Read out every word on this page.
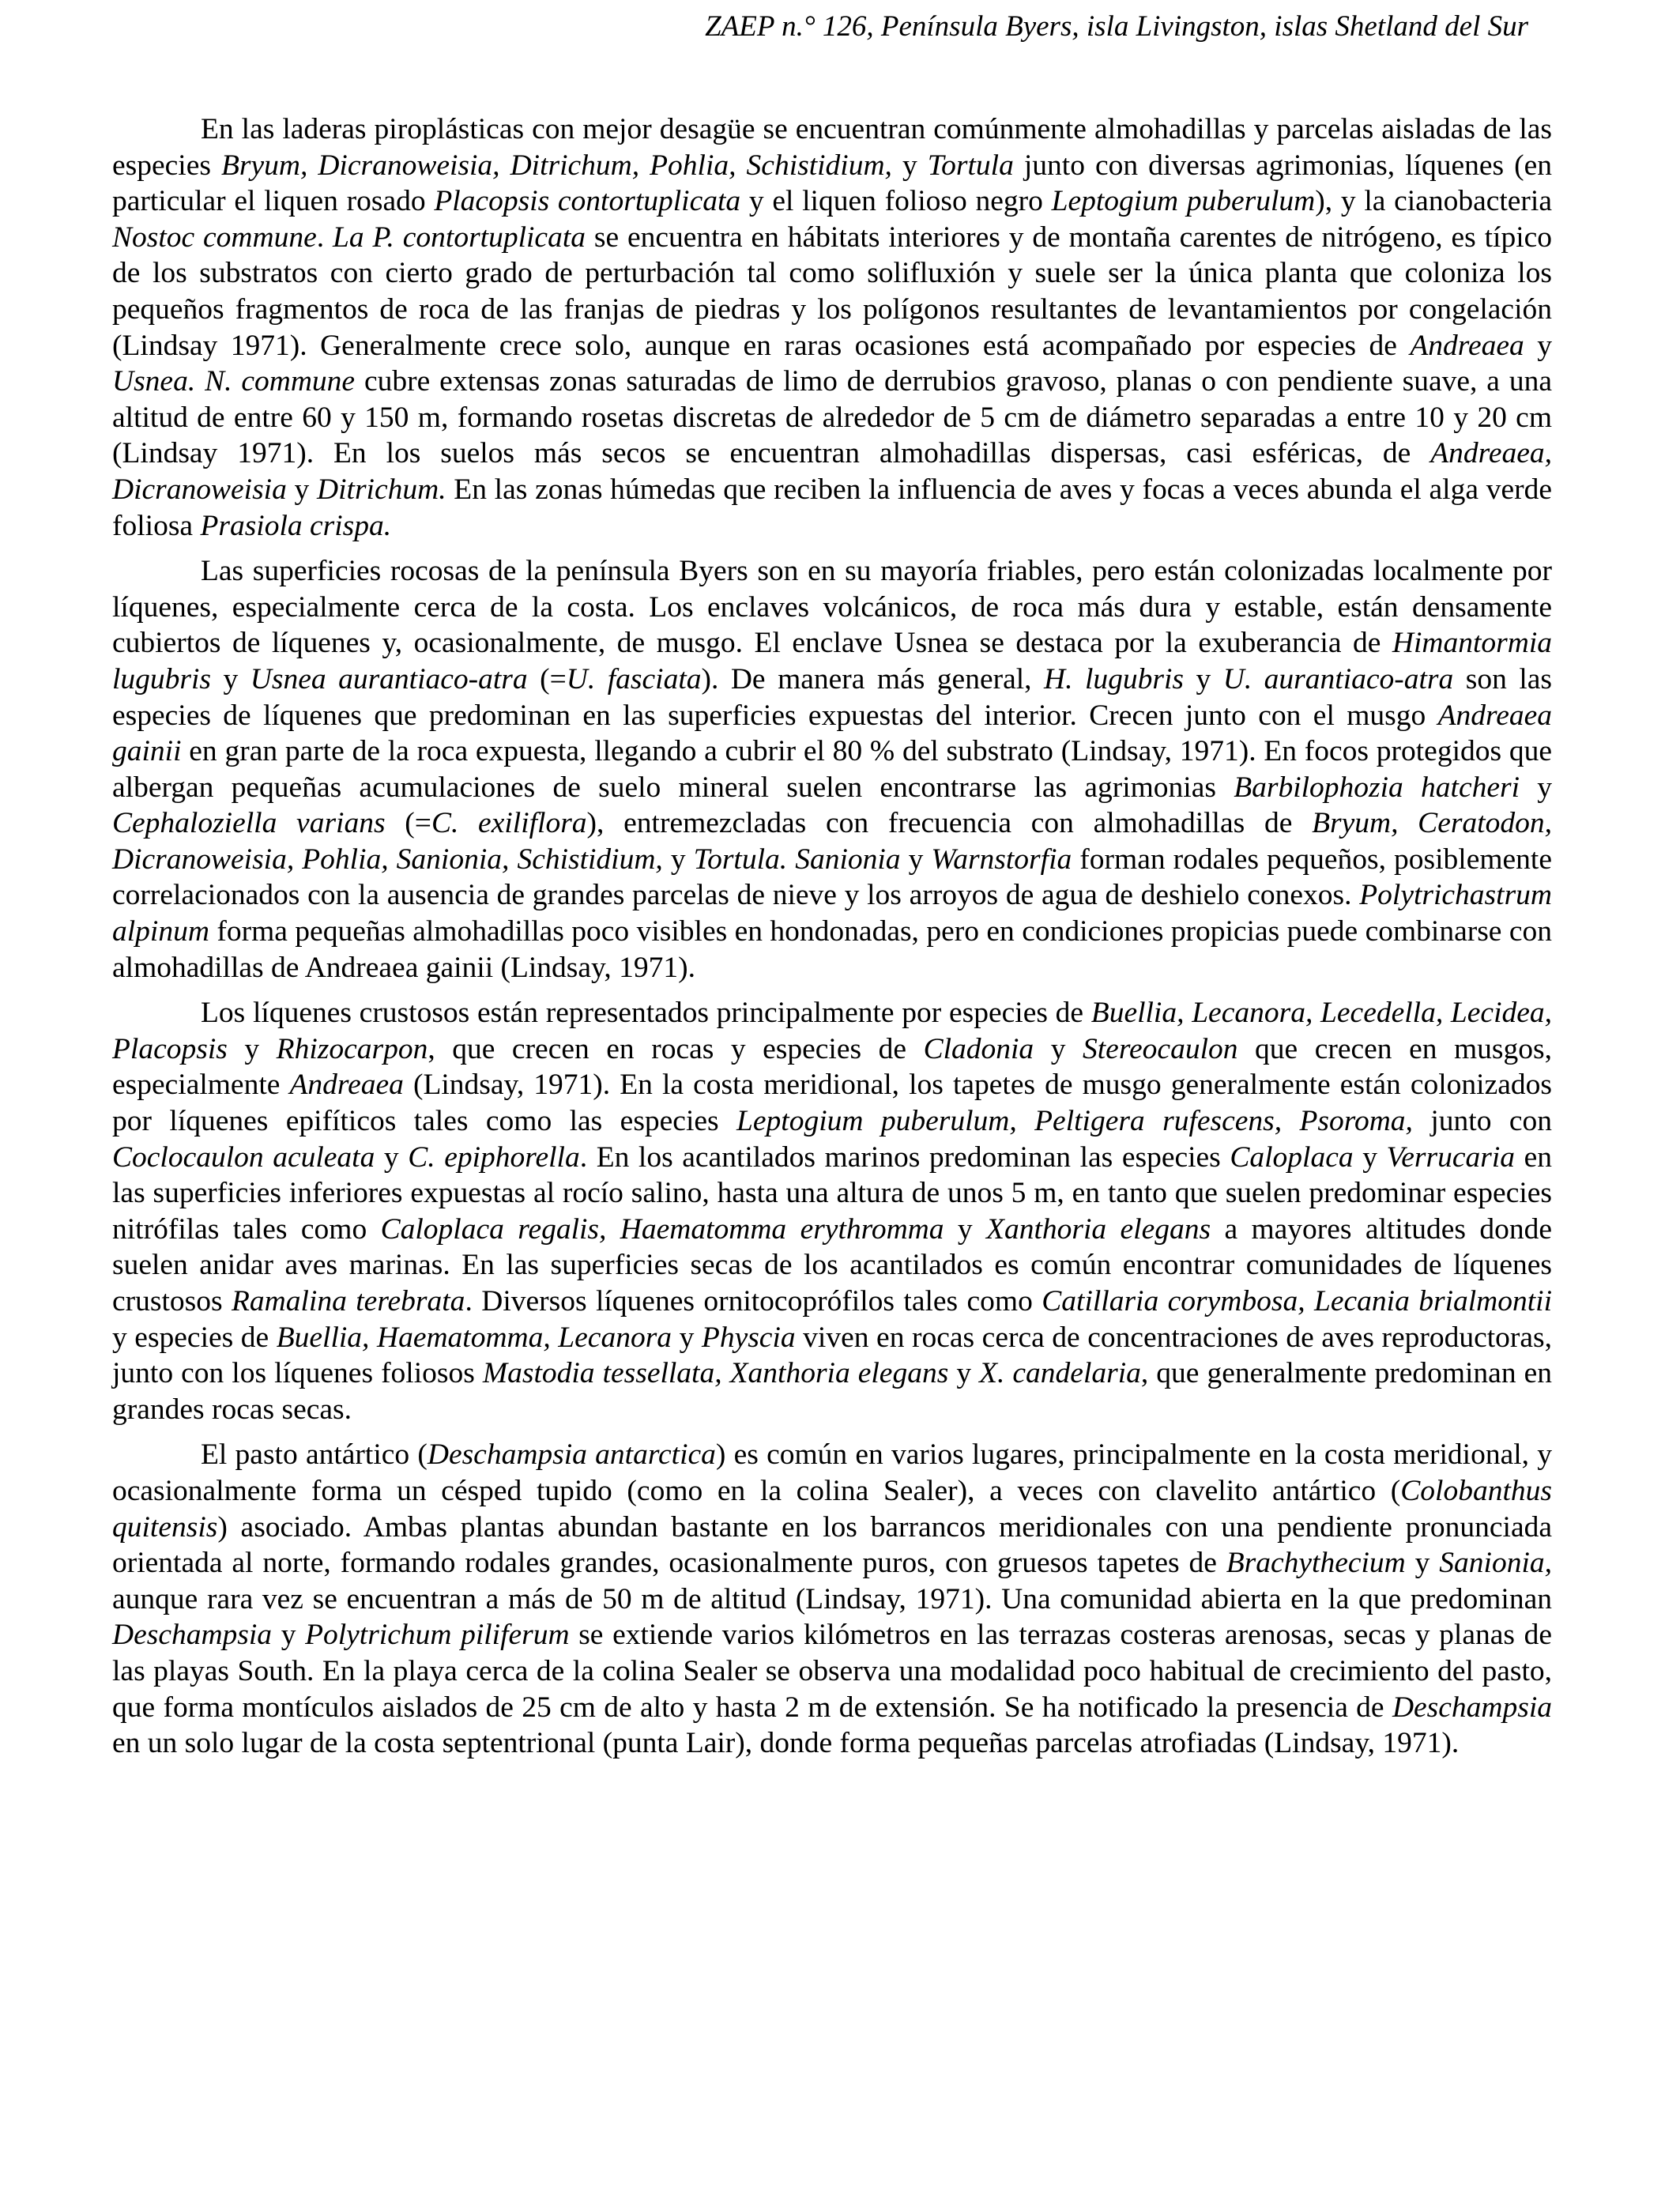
ZAEP n.° 126, Península Byers, isla Livingston, islas Shetland del Sur

En las laderas piroplásticas con mejor desagüe se encuentran comúnmente almohadillas y parcelas aisladas de las especies Bryum, Dicranoweisia, Ditrichum, Pohlia, Schistidium, y Tortula junto con diversas agrimonias, líquenes (en particular el liquen rosado Placopsis contortuplicata y el liquen folioso negro Leptogium puberulum), y la cianobacteria Nostoc commune. La P. contortuplicata se encuentra en hábitats interiores y de montaña carentes de nitrógeno, es típico de los substratos con cierto grado de perturbación tal como solifluxión y suele ser la única planta que coloniza los pequeños fragmentos de roca de las franjas de piedras y los polígonos resultantes de levantamientos por congelación (Lindsay 1971). Generalmente crece solo, aunque en raras ocasiones está acompañado por especies de Andreaea y Usnea. N. commune cubre extensas zonas saturadas de limo de derrubios gravoso, planas o con pendiente suave, a una altitud de entre 60 y 150 m, formando rosetas discretas de alrededor de 5 cm de diámetro separadas a entre 10 y 20 cm (Lindsay 1971). En los suelos más secos se encuentran almohadillas dispersas, casi esféricas, de Andreaea, Dicranoweisia y Ditrichum. En las zonas húmedas que reciben la influencia de aves y focas a veces abunda el alga verde foliosa Prasiola crispa.

Las superficies rocosas de la península Byers son en su mayoría friables, pero están colonizadas localmente por líquenes, especialmente cerca de la costa. Los enclaves volcánicos, de roca más dura y estable, están densamente cubiertos de líquenes y, ocasionalmente, de musgo. El enclave Usnea se destaca por la exuberancia de Himantormia lugubris y Usnea aurantiaco-atra (=U. fasciata). De manera más general, H. lugubris y U. aurantiaco-atra son las especies de líquenes que predominan en las superficies expuestas del interior. Crecen junto con el musgo Andreaea gainii en gran parte de la roca expuesta, llegando a cubrir el 80 % del substrato (Lindsay, 1971). En focos protegidos que albergan pequeñas acumulaciones de suelo mineral suelen encontrarse las agrimonias Barbilophozia hatcheri y Cephaloziella varians (=C. exiliflora), entremezcladas con frecuencia con almohadillas de Bryum, Ceratodon, Dicranoweisia, Pohlia, Sanionia, Schistidium, y Tortula. Sanionia y Warnstorfia forman rodales pequeños, posiblemente correlacionados con la ausencia de grandes parcelas de nieve y los arroyos de agua de deshielo conexos. Polytrichastrum alpinum forma pequeñas almohadillas poco visibles en hondonadas, pero en condiciones propicias puede combinarse con almohadillas de Andreaea gainii (Lindsay, 1971).

Los líquenes crustosos están representados principalmente por especies de Buellia, Lecanora, Lecedella, Lecidea, Placopsis y Rhizocarpon, que crecen en rocas y especies de Cladonia y Stereocaulon que crecen en musgos, especialmente Andreaea (Lindsay, 1971). En la costa meridional, los tapetes de musgo generalmente están colonizados por líquenes epifíticos tales como las especies Leptogium puberulum, Peltigera rufescens, Psoroma, junto con Coclocaulon aculeata y C. epiphorella. En los acantilados marinos predominan las especies Caloplaca y Verrucaria en las superficies inferiores expuestas al rocío salino, hasta una altura de unos 5 m, en tanto que suelen predominar especies nitrófilas tales como Caloplaca regalis, Haematomma erythromma y Xanthoria elegans a mayores altitudes donde suelen anidar aves marinas. En las superficies secas de los acantilados es común encontrar comunidades de líquenes crustosos Ramalina terebrata. Diversos líquenes ornitocoprófilos tales como Catillaria corymbosa, Lecania brialmontii y especies de Buellia, Haematomma, Lecanora y Physcia viven en rocas cerca de concentraciones de aves reproductoras, junto con los líquenes foliosos Mastodia tessellata, Xanthoria elegans y X. candelaria, que generalmente predominan en grandes rocas secas.

El pasto antártico (Deschampsia antarctica) es común en varios lugares, principalmente en la costa meridional, y ocasionalmente forma un césped tupido (como en la colina Sealer), a veces con clavelito antártico (Colobanthus quitensis) asociado. Ambas plantas abundan bastante en los barrancos meridionales con una pendiente pronunciada orientada al norte, formando rodales grandes, ocasionalmente puros, con gruesos tapetes de Brachythecium y Sanionia, aunque rara vez se encuentran a más de 50 m de altitud (Lindsay, 1971). Una comunidad abierta en la que predominan Deschampsia y Polytrichum piliferum se extiende varios kilómetros en las terrazas costeras arenosas, secas y planas de las playas South. En la playa cerca de la colina Sealer se observa una modalidad poco habitual de crecimiento del pasto, que forma montículos aislados de 25 cm de alto y hasta 2 m de extensión. Se ha notificado la presencia de Deschampsia en un solo lugar de la costa septentrional (punta Lair), donde forma pequeñas parcelas atrofiadas (Lindsay, 1971).
